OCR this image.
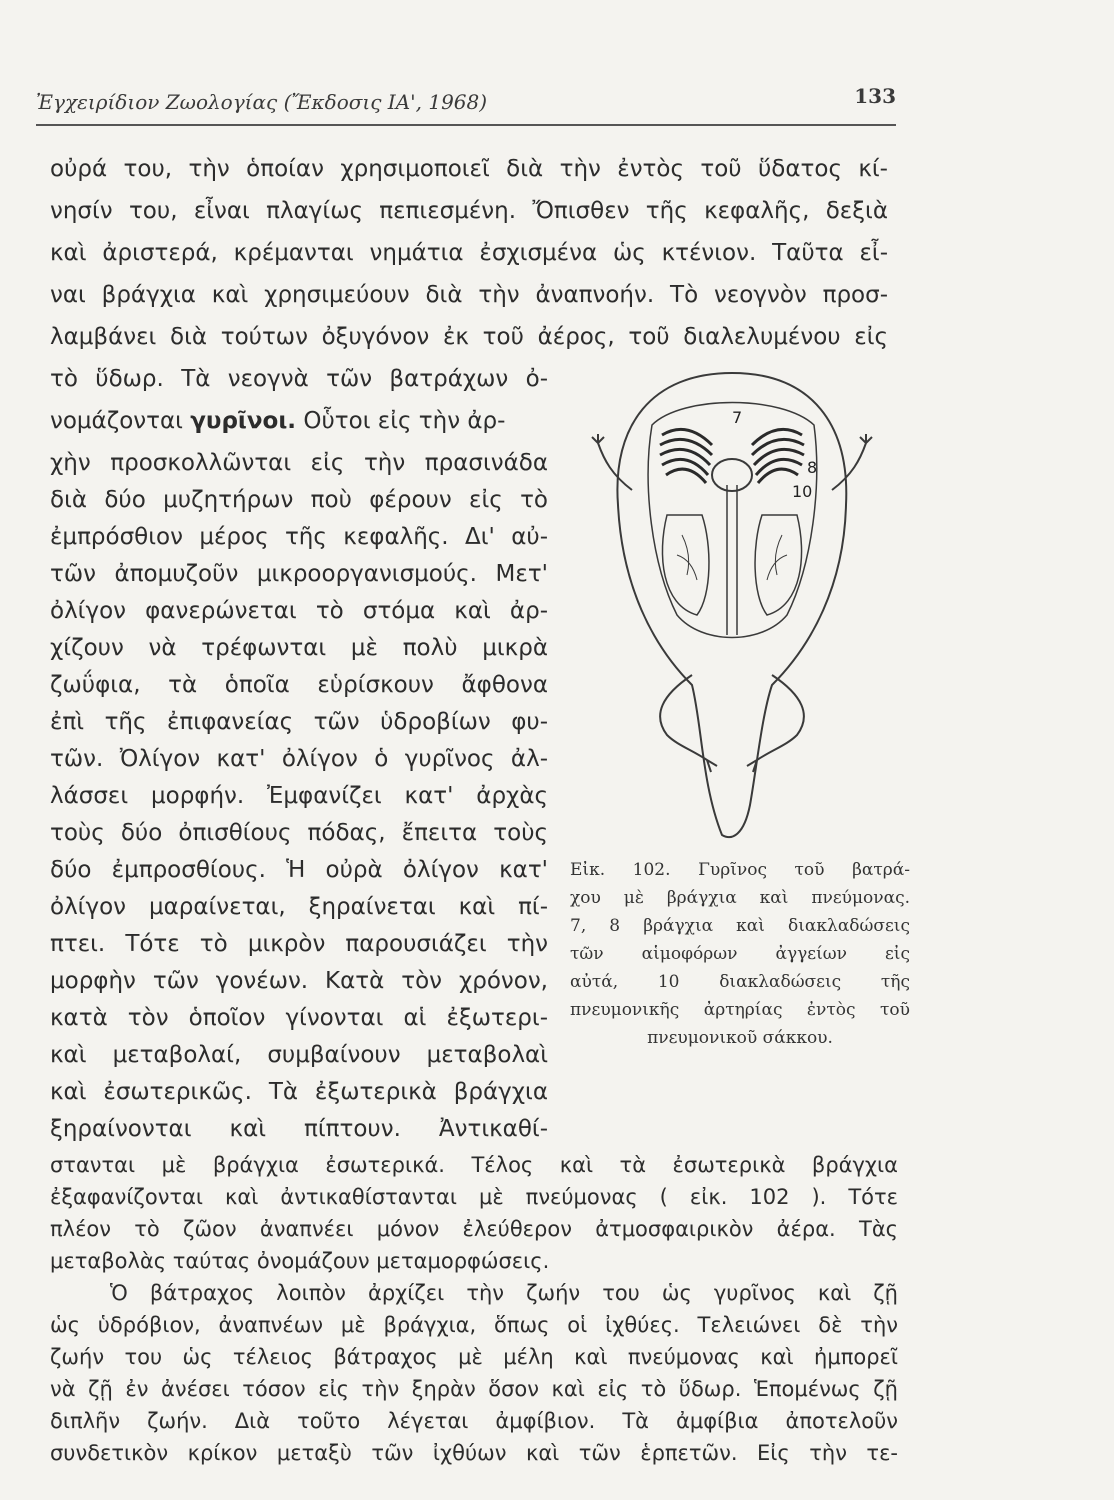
Ἐγχειρίδιον Ζωολογίας (Ἔκδοσις ΙΑ', 1968)	133
οὐρά του, τὴν ὁποίαν χρησιμοποιεῖ διὰ τὴν ἐντὸς τοῦ ὕδατος κί-
νησίν του, εἶναι πλαγίως πεπιεσμένη. Ὄπισθεν τῆς κεφαλῆς, δεξιὰ
καὶ ἀριστερά, κρέμανται νημάτια ἐσχισμένα ὡς κτένιον. Ταῦτα εἶ-
ναι βράγχια καὶ χρησιμεύουν διὰ τὴν ἀναπνοήν. Τὸ νεογνὸν προσ-
λαμβάνει διὰ τούτων ὀξυγόνον ἐκ τοῦ ἀέρος, τοῦ διαλελυμένου εἰς
τὸ ὕδωρ. Τὰ νεογνὰ τῶν βατράχων ὀ-
νομάζονται γυρῖνοι. Οὗτοι εἰς τὴν ἀρ-
χὴν προσκολλῶνται εἰς τὴν πρασινάδα
διὰ δύο μυζητήρων ποὺ φέρουν εἰς τὸ
ἐμπρόσθιον μέρος τῆς κεφαλῆς. Δι' αὐ-
τῶν ἀπομυζοῦν μικροοργανισμούς. Μετ'
ὀλίγον φανερώνεται τὸ στόμα καὶ ἀρ-
χίζουν νὰ τρέφωνται μὲ πολὺ μικρὰ
ζωΰφια, τὰ ὁποῖα εὑρίσκουν ἄφθονα
ἐπὶ τῆς ἐπιφανείας τῶν ὑδροβίων φυ-
τῶν. Ὀλίγον κατ' ὀλίγον ὁ γυρῖνος ἀλ-
λάσσει μορφήν. Ἐμφανίζει κατ' ἀρχὰς
τοὺς δύο ὀπισθίους πόδας, ἔπειτα τοὺς
δύο ἐμπροσθίους. Ἡ οὐρὰ ὀλίγον κατ'
ὀλίγον μαραίνεται, ξηραίνεται καὶ πί-
πτει. Τότε τὸ μικρὸν παρουσιάζει τὴν
μορφὴν τῶν γονέων. Κατὰ τὸν χρόνον,
κατὰ τὸν ὁποῖον γίνονται αἱ ἐξωτερι-
καὶ μεταβολαί, συμβαίνουν μεταβολαὶ
καὶ ἐσωτερικῶς. Τὰ ἐξωτερικὰ βράγχια
ξηραίνονται καὶ πίπτουν. Ἀντικαθί-
στανται μὲ βράγχια ἐσωτερικά. Τέλος καὶ τὰ ἐσωτερικὰ βράγχια
ἐξαφανίζονται καὶ ἀντικαθίστανται μὲ πνεύμονας ( εἰκ. 102 ). Τότε
πλέον τὸ ζῶον ἀναπνέει μόνον ἐλεύθερον ἀτμοσφαιρικὸν ἀέρα. Τὰς
μεταβολὰς ταύτας ὀνομάζουν μεταμορφώσεις.
Ὁ βάτραχος λοιπὸν ἀρχίζει τὴν ζωήν του ὡς γυρῖνος καὶ ζῇ
ὡς ὑδρόβιον, ἀναπνέων μὲ βράγχια, ὅπως οἱ ἰχθύες. Τελειώνει δὲ τὴν
ζωήν του ὡς τέλειος βάτραχος μὲ μέλη καὶ πνεύμονας καὶ ἠμπορεῖ
νὰ ζῇ ἐν ἀνέσει τόσον εἰς τὴν ξηρὰν ὅσον καὶ εἰς τὸ ὕδωρ. Ἑπομένως ζῇ
7
8
10
Εἰκ. 102. Γυρῖνος τοῦ βατρά-
χου μὲ βράγχια καὶ πνεύμονας.
7, 8 βράγχια καὶ διακλαδώσεις
τῶν αἱμοφόρων ἀγγείων εἰς
αὐτά, 10 διακλαδώσεις τῆς
πνευμονικῆς ἀρτηρίας ἐντὸς τοῦ
πνευμονικοῦ σάκκου.
διπλῆν ζωήν. Διὰ τοῦτο λέγεται ἀμφίβιον. Τὰ ἀμφίβια ἀποτελοῦν
συνδετικὸν κρίκον μεταξὺ τῶν ἰχθύων καὶ τῶν ἑρπετῶν. Εἰς τὴν τε-
